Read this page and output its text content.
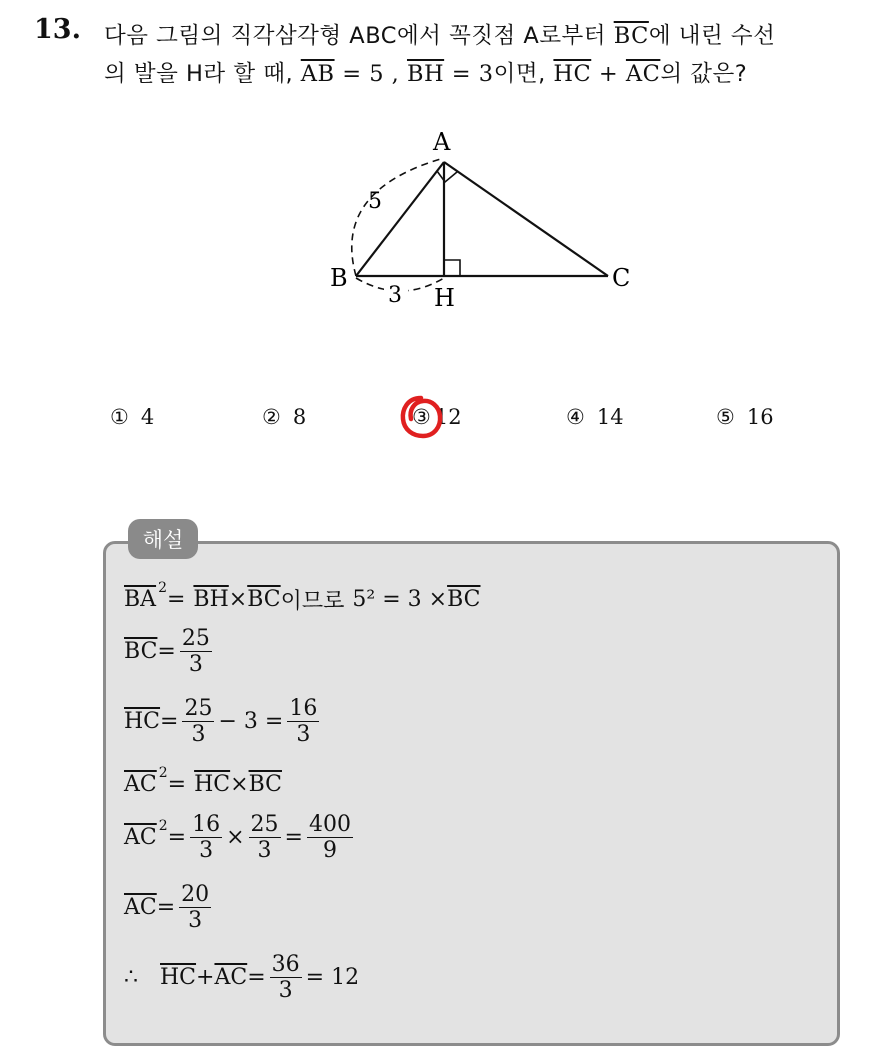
13. 다음 그림의 직각삼각형 ABC에서 꼭짓점 A로부터 $\overline{BC}$에 내린 수선
의 발을 H라 할 때, $\overline{AB} = 5$ , $\overline{BH} = 3$이면, $\overline{HC} + \overline{AC}$의 값은?
A
B	C
H
5
3
① 4	② 8	③ 12	④ 14	⑤ 16
해설
$\overline{BA}$ $2 = \overline{BH} \times \overline{BC}$ 이므로 $5^2 = 3 \times \overline{BC}$
$\overline{BC} = \frac{25}{3}$
$\overline{HC} = \frac{25}{3} - 3 = \frac{16}{3}$
$\overline{AC}$ $2 = \overline{HC} \times \overline{BC}$
$\overline{AC}$ $2 = \frac{16}{3} \times \frac{25}{3} = \frac{400}{9}$
$\overline{AC} = \frac{20}{3}$
∴ $\overline{HC} + \overline{AC} = \frac{36}{3} = 12$
